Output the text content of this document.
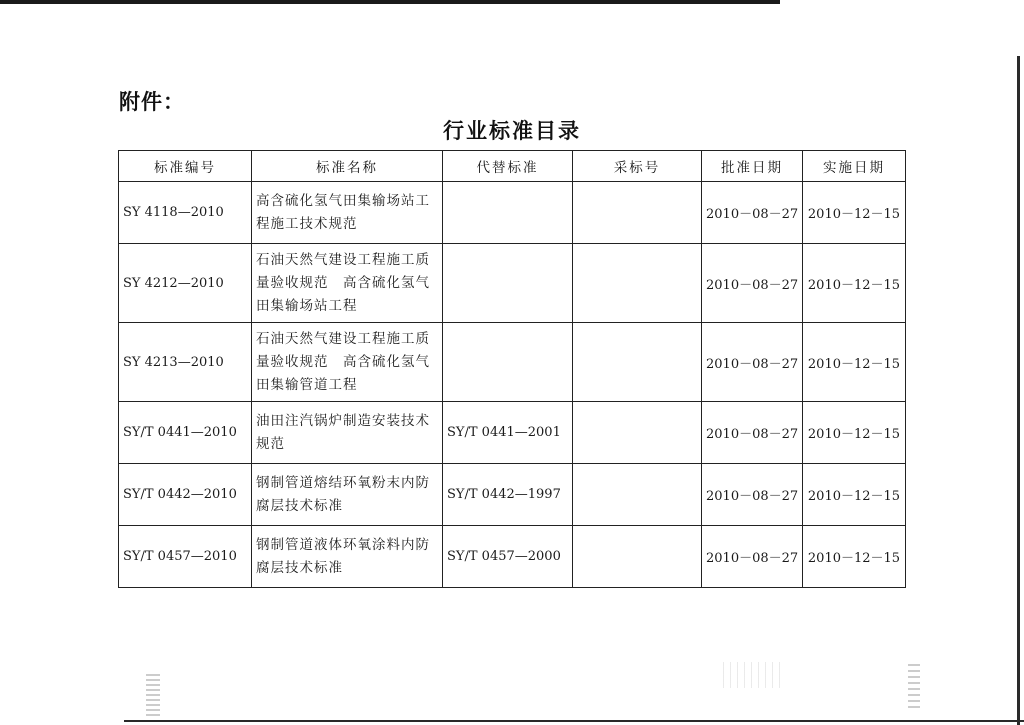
附件：
行业标准目录
标准编号	标准名称	代替标准	采标号	批准日期	实施日期
SY 4118—2010	高含硫化氢气田集输场站工程施工技术规范			2010－08－27	2010－12－15
SY 4212—2010	石油天然气建设工程施工质量验收规范　高含硫化氢气田集输场站工程			2010－08－27	2010－12－15
SY 4213—2010	石油天然气建设工程施工质量验收规范　高含硫化氢气田集输管道工程			2010－08－27	2010－12－15
SY/T 0441—2010	油田注汽锅炉制造安装技术规范	SY/T 0441—2001		2010－08－27	2010－12－15
SY/T 0442—2010	钢制管道熔结环氧粉末内防腐层技术标准	SY/T 0442—1997		2010－08－27	2010－12－15
SY/T 0457—2010	钢制管道液体环氧涂料内防腐层技术标准	SY/T 0457—2000		2010－08－27	2010－12－15
